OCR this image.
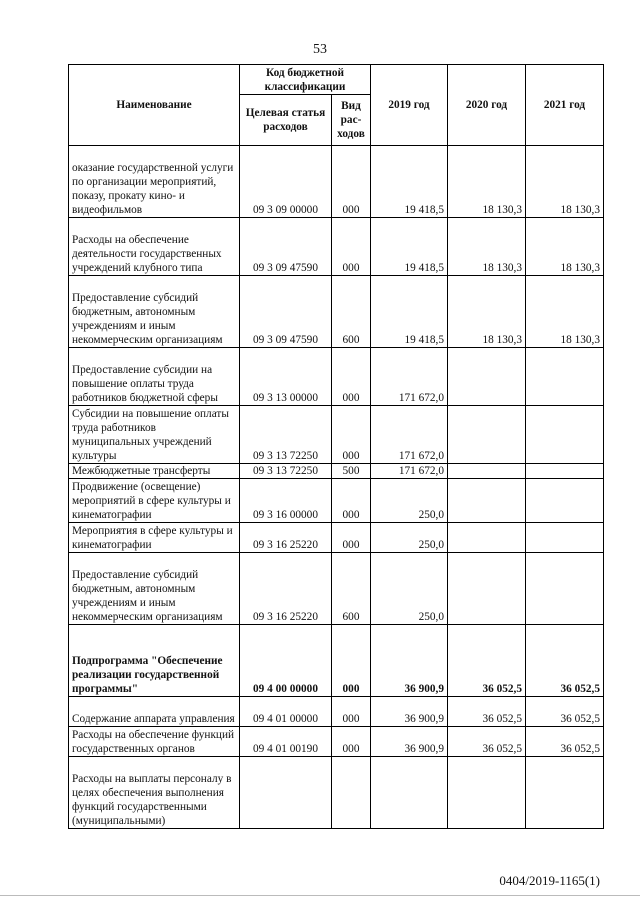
53
Наименование	Код бюджетной классификации		2019 год	2020 год	2021 год
	Целевая статья расходов	Вид рас-ходов			
оказание государственной услуги по организации мероприятий, показу, прокату кино- и видеофильмов	09 3 09 00000	000	19 418,5	18 130,3	18 130,3
Расходы на обеспечение деятельности государственных учреждений клубного типа	09 3 09 47590	000	19 418,5	18 130,3	18 130,3
Предоставление субсидий бюджетным, автономным учреждениям и иным некоммерческим организациям	09 3 09 47590	600	19 418,5	18 130,3	18 130,3
Предоставление субсидии на повышение оплаты труда работников бюджетной сферы	09 3 13 00000	000	171 672,0		
Субсидии на повышение оплаты труда работников муниципальных учреждений культуры	09 3 13 72250	000	171 672,0		
Межбюджетные трансферты	09 3 13 72250	500	171 672,0		
Продвижение (освещение) мероприятий в сфере культуры и кинематографии	09 3 16 00000	000	250,0		
Мероприятия в сфере культуры и кинематографии	09 3 16 25220	000	250,0		
Предоставление субсидий бюджетным, автономным учреждениям и иным некоммерческим организациям	09 3 16 25220	600	250,0		
Подпрограмма "Обеспечение реализации государственной программы"	09 4 00 00000	000	36 900,9	36 052,5	36 052,5
Содержание аппарата управления	09 4 01 00000	000	36 900,9	36 052,5	36 052,5
Расходы на обеспечение функций государственных органов	09 4 01 00190	000	36 900,9	36 052,5	36 052,5
Расходы на выплаты персоналу в целях обеспечения выполнения функций государственными (муниципальными)					
0404/2019-1165(1)
